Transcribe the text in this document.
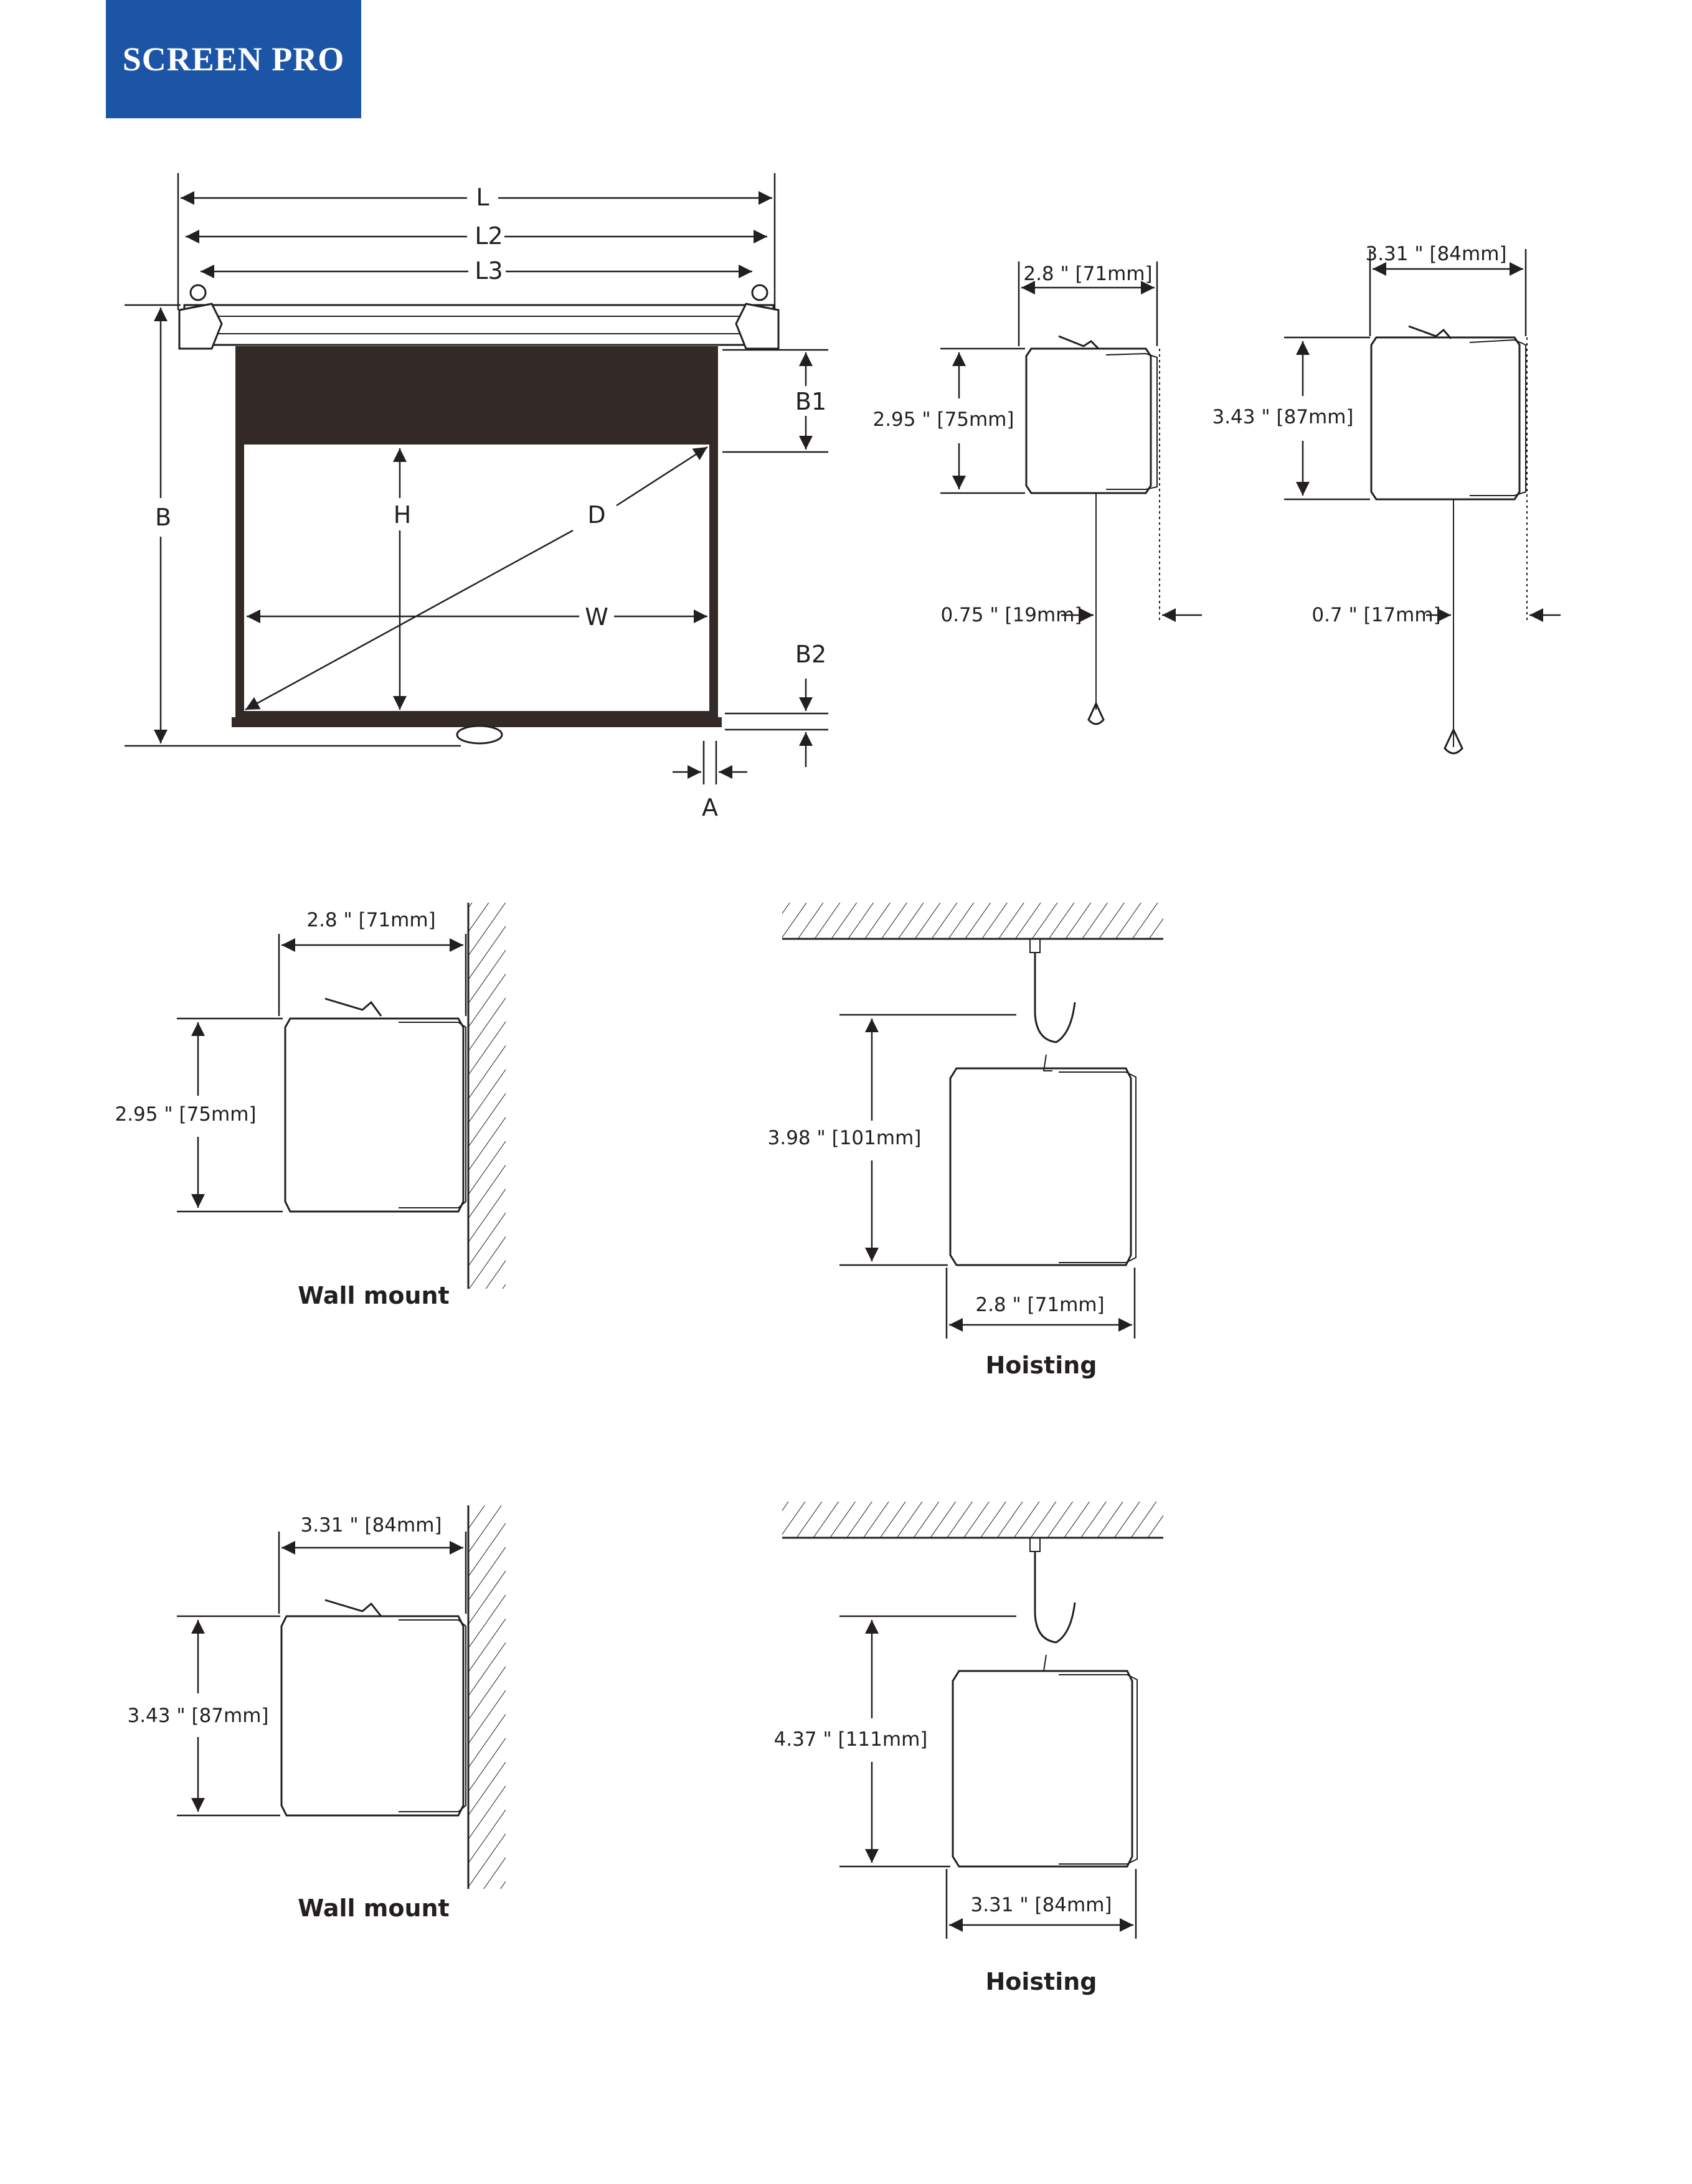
SCREEN PRO
L
L2
L3
B
B1
B2
H	D
W
A
2.8 " [71mm]
2.95 " [75mm]
0.75 " [19mm]
3.31 " [84mm]
3.43 " [87mm]
0.7 " [17mm]
2.8 " [71mm]
2.95 " [75mm]
Wall mount
3.98 " [101mm]
2.8 " [71mm]
Hoisting
3.31 " [84mm]
3.43 " [87mm]
Wall mount
4.37 " [111mm]
3.31 " [84mm]
Hoisting
